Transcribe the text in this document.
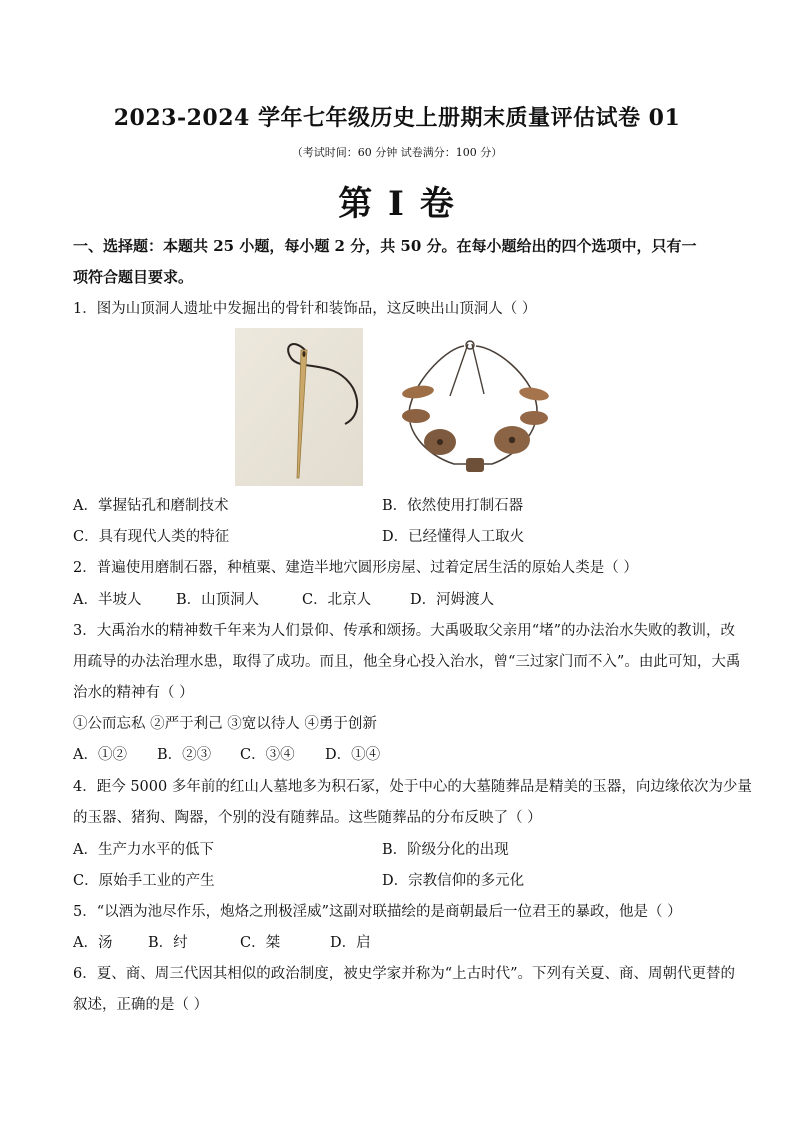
2023-2024 学年七年级历史上册期末质量评估试卷 01
（考试时间：60 分钟 试卷满分：100 分）
第 I 卷
一、选择题：本题共 25 小题，每小题 2 分，共 50 分。在每小题给出的四个选项中，只有一
项符合题目要求。
1．图为山顶洞人遗址中发掘出的骨针和装饰品，这反映出山顶洞人（ ）
A．掌握钻孔和磨制技术	B．依然使用打制石器
C．具有现代人类的特征	D．已经懂得人工取火
2．普遍使用磨制石器，种植粟、建造半地穴圆形房屋、过着定居生活的原始人类是（ ）
A．半坡人 B．山顶洞人	C．北京人	D．河姆渡人
3．大禹治水的精神数千年来为人们景仰、传承和颂扬。大禹吸取父亲用“堵”的办法治水失败的教训，改
用疏导的办法治理水患，取得了成功。而且，他全身心投入治水，曾“三过家门而不入”。由此可知，大禹
治水的精神有（ ）
①公而忘私 ②严于利己 ③宽以待人 ④勇于创新
A．①② B．②③ C．③④ D．①④
4．距今 5000 多年前的红山人墓地多为积石冢，处于中心的大墓随葬品是精美的玉器，向边缘依次为少量
的玉器、猪狗、陶器，个别的没有随葬品。这些随葬品的分布反映了（ ）
A．生产力水平的低下	B．阶级分化的出现
C．原始手工业的产生	D．宗教信仰的多元化
5．“以酒为池尽作乐，炮烙之刑极淫威”这副对联描绘的是商朝最后一位君王的暴政，他是（ ）
A．汤 B．纣	C．桀	D．启
6．夏、商、周三代因其相似的政治制度，被史学家并称为“上古时代”。下列有关夏、商、周朝代更替的
叙述，正确的是（ ）
